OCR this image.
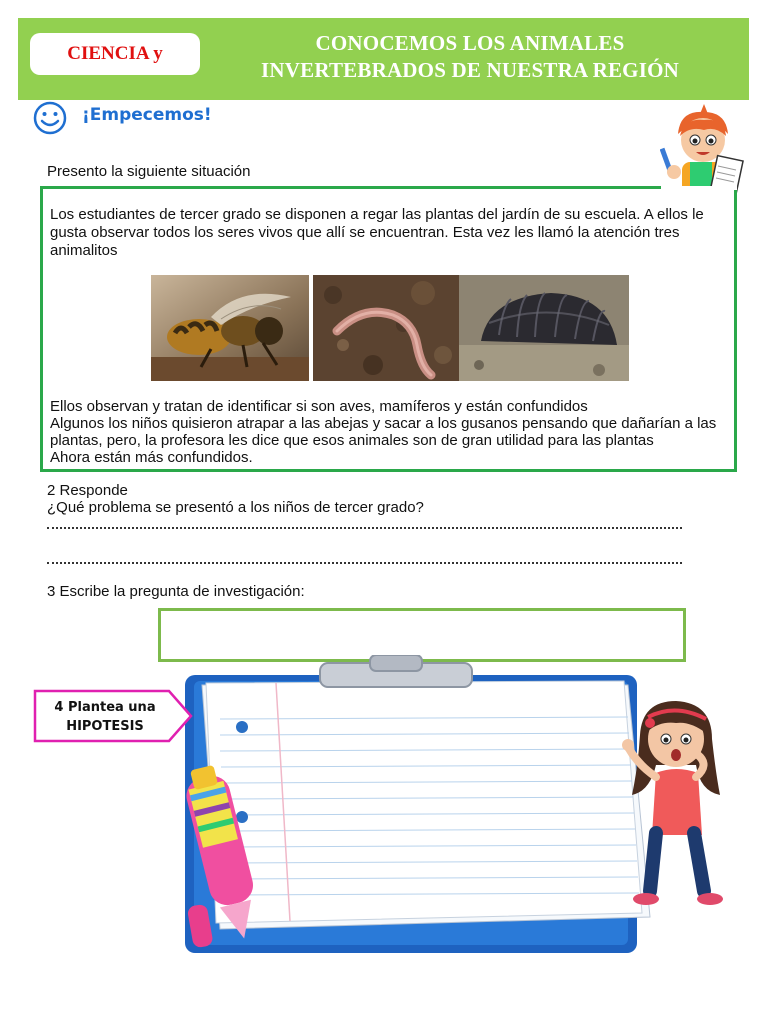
CIENCIA y	CONOCEMOS LOS ANIMALES
INVERTEBRADOS DE NUESTRA REGIÓN
¡Empecemos!
Presento la siguiente situación
Los estudiantes de tercer grado se disponen a regar las plantas del jardín de su escuela. A ellos le gusta observar todos los seres vivos que allí se encuentran. Esta vez les llamó la atención tres animalitos
Ellos observan y tratan de identificar si son aves, mamíferos y están confundidos
Algunos los niños quisieron atrapar a las abejas y sacar a los gusanos pensando que dañarían a las plantas, pero, la profesora les dice que esos animales son de gran utilidad para las plantas
Ahora están más confundidos.
2 Responde
¿Qué problema se presentó a los niños de tercer grado?
3 Escribe la pregunta de investigación:
4 Plantea una
HIPOTESIS
